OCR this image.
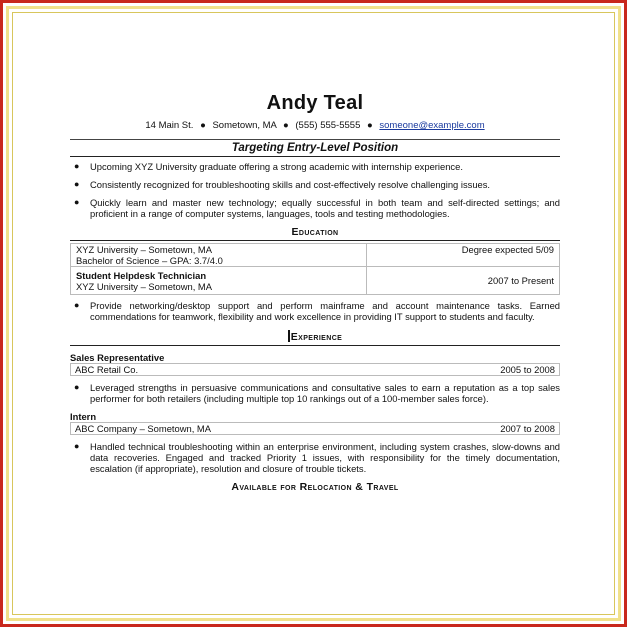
Andy Teal
14 Main St. ● Sometown, MA ● (555) 555-5555 ● someone@example.com
Targeting Entry-Level Position
● Upcoming XYZ University graduate offering a strong academic with internship experience.
● Consistently recognized for troubleshooting skills and cost-effectively resolve challenging issues.
● Quickly learn and master new technology; equally successful in both team and self-directed settings; and proficient in a range of computer systems, languages, tools and testing methodologies.
Education
XYZ University – Sometown, MA
Bachelor of Science – GPA: 3.7/4.0	Degree expected 5/09

Student Helpdesk Technician
XYZ University – Sometown, MA	2007 to Present
● Provide networking/desktop support and perform mainframe and account maintenance tasks. Earned commendations for teamwork, flexibility and work excellence in providing IT support to students and faculty.
Experience
Sales Representative
ABC Retail Co.	2005 to 2008
● Leveraged strengths in persuasive communications and consultative sales to earn a reputation as a top sales performer for both retailers (including multiple top 10 rankings out of a 100-member sales force).
Intern
ABC Company – Sometown, MA	2007 to 2008
● Handled technical troubleshooting within an enterprise environment, including system crashes, slow-downs and data recoveries. Engaged and tracked Priority 1 issues, with responsibility for the timely documentation, escalation (if appropriate), resolution and closure of trouble tickets.
Available for Relocation & Travel
